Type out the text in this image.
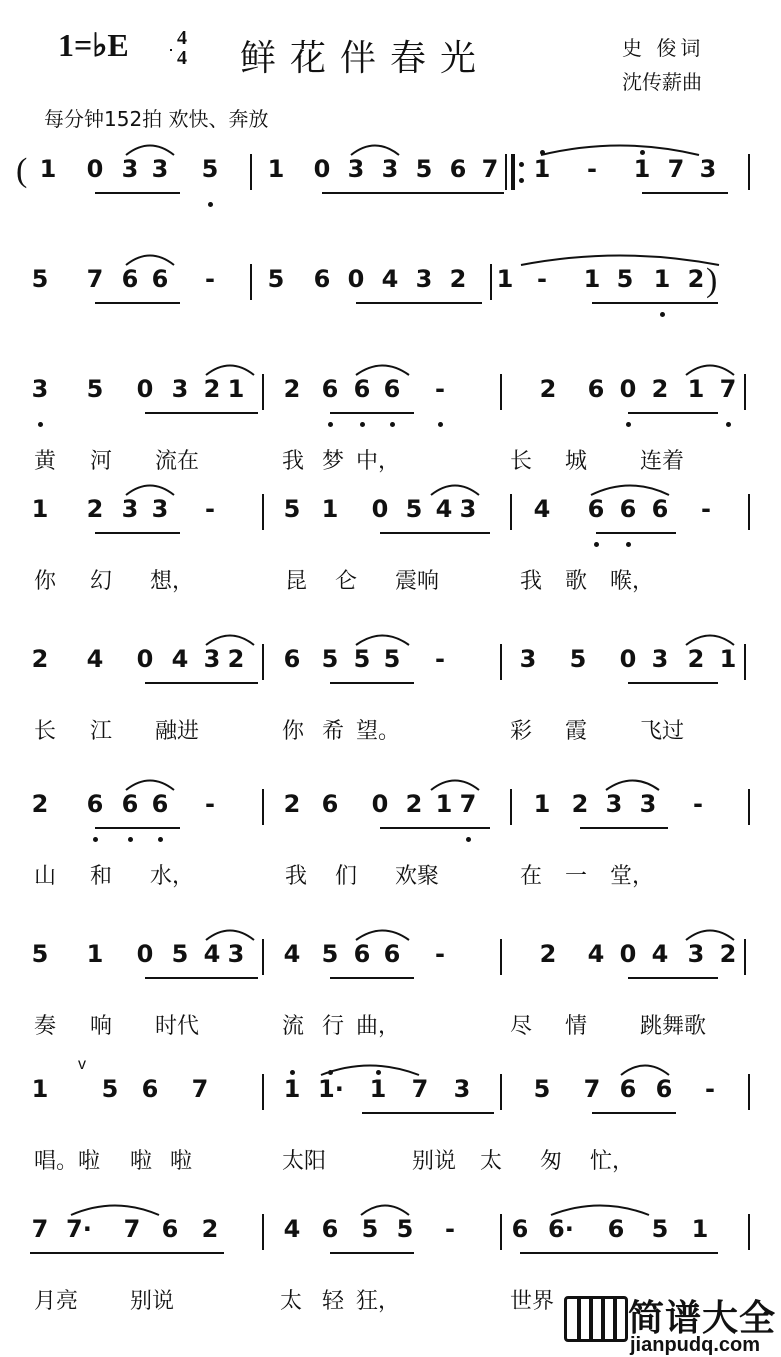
1=♭E	4
4 鲜花伴春光	史 俊词
沈传薪曲
每分钟152拍 欢快、奔放
( 1 0 3 3 5 1 0 3 3 5 6 7 1 - 1 7 3
5 7 6 6 - 5 6 0 4 3 2 1 - 1 5 1 2 )
3 5 0 3 2 1 2 6 6 6 -	2 6 0 2 1 7
黄 河 流在	我 梦 中，	长 城 连着
1 2 3 3 -	5 1 0 5 4 3 4 6 6 6 -
你 幻 想，	昆 仑 震响	我 歌 喉，
2 4 0 4 3 2 6 5 5 5 -	3 5 0 3 2 1
长 江 融进	你 希 望。	彩 霞 飞过
2 6 6 6 -	2 6 0 2 1 7 1 2 3 3 -
山 和 水，	我 们 欢聚	在 一 堂，
5 1 0 5 4 3 4 5 6 6 -	2 4 0 4 3 2
奏 响 时代	流 行 曲，	尽 情 跳舞歌
1 5 6 7	1 1· 1 7 3	5 7 6 6 -
v
唱。啦 啦 啦	太阳	别说 太 匆 忙，
7 7· 7 6 2	4 6 5 5 - 6 6· 6 5 1
月亮 别说	太 轻 狂，	世界 简谱大全
jianpudq.com
